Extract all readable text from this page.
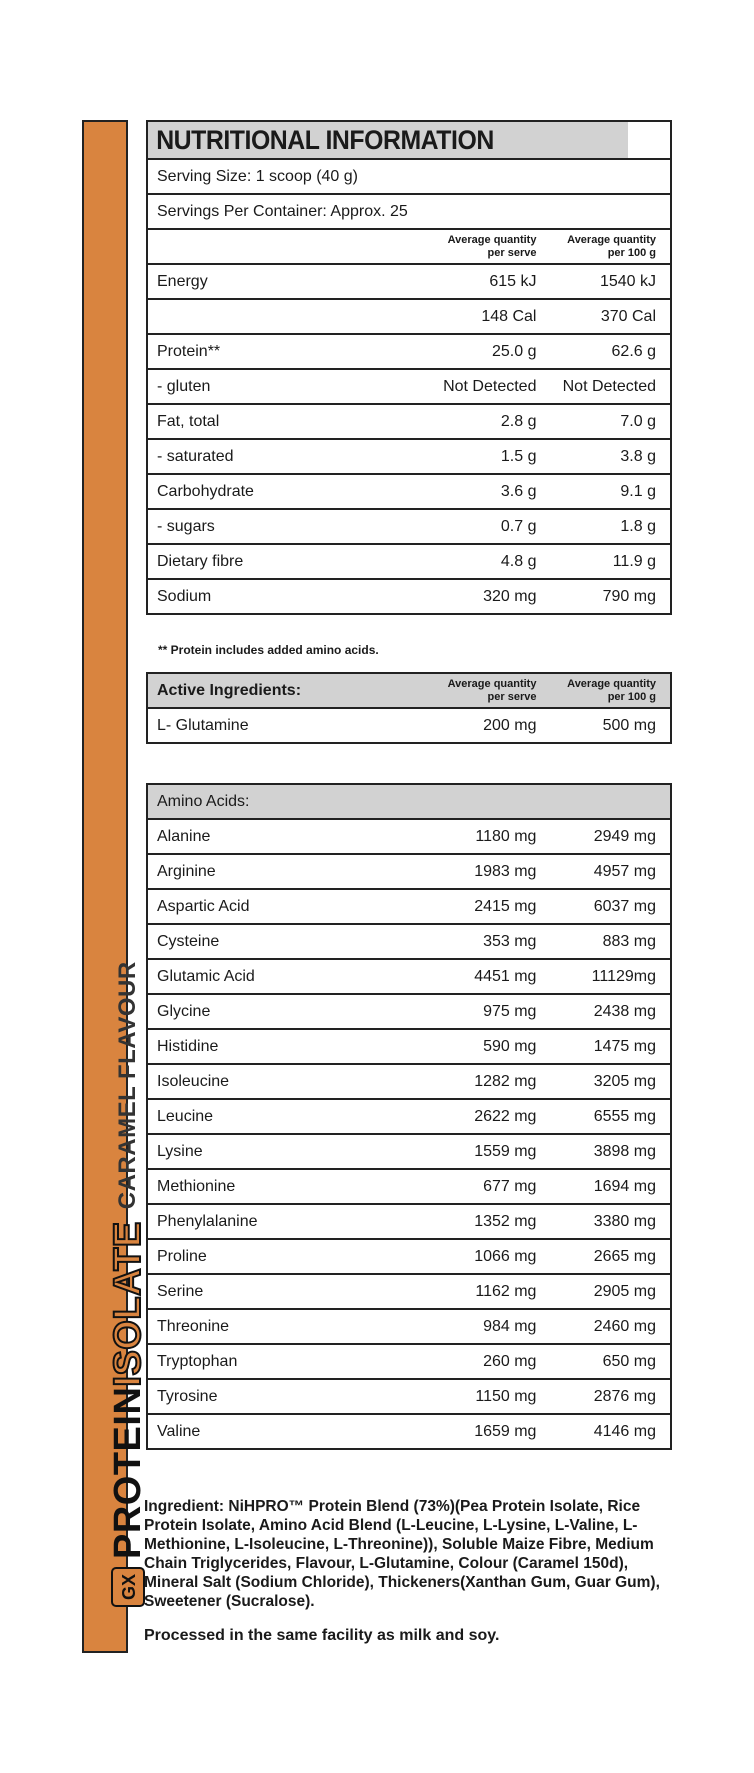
GX
PROTEIN
ISOLATE
CARAMEL FLAVOUR
NUTRITIONAL INFORMATION		
Serving Size: 1 scoop (40 g)		
Servings Per Container: Approx. 25		
	Average quantity per serve	Average quantity per 100 g
Energy	615 kJ	1540 kJ
	148 Cal	370 Cal
Protein**	25.0 g	62.6 g
- gluten	Not Detected	Not Detected
Fat, total	2.8 g	7.0 g
- saturated	1.5 g	3.8 g
Carbohydrate	3.6 g	9.1 g
- sugars	0.7 g	1.8 g
Dietary fibre	4.8 g	11.9 g
Sodium	320 mg	790 mg
** Protein includes added amino acids.
Active Ingredients:	Average quantity per serve	Average quantity per 100 g
L- Glutamine	200 mg	500 mg
Amino Acids:		
Alanine	1180 mg	2949 mg
Arginine	1983 mg	4957 mg
Aspartic Acid	2415 mg	6037 mg
Cysteine	353 mg	883 mg
Glutamic Acid	4451 mg	11129mg
Glycine	975 mg	2438 mg
Histidine	590 mg	1475 mg
Isoleucine	1282 mg	3205 mg
Leucine	2622 mg	6555 mg
Lysine	1559 mg	3898 mg
Methionine	677 mg	1694 mg
Phenylalanine	1352 mg	3380 mg
Proline	1066 mg	2665 mg
Serine	1162 mg	2905 mg
Threonine	984 mg	2460 mg
Tryptophan	260 mg	650 mg
Tyrosine	1150 mg	2876 mg
Valine	1659 mg	4146 mg
Ingredient: NiHPRO™ Protein Blend (73%)(Pea Protein Isolate, Rice Protein Isolate, Amino Acid Blend (L-Leucine, L-Lysine, L-Valine, L-Methionine, L-Isoleucine, L-Threonine)), Soluble Maize Fibre, Medium Chain Triglycerides, Flavour, L-Glutamine, Colour (Caramel 150d), Mineral Salt (Sodium Chloride), Thickeners(Xanthan Gum, Guar Gum), Sweetener (Sucralose).
Processed in the same facility as milk and soy.
